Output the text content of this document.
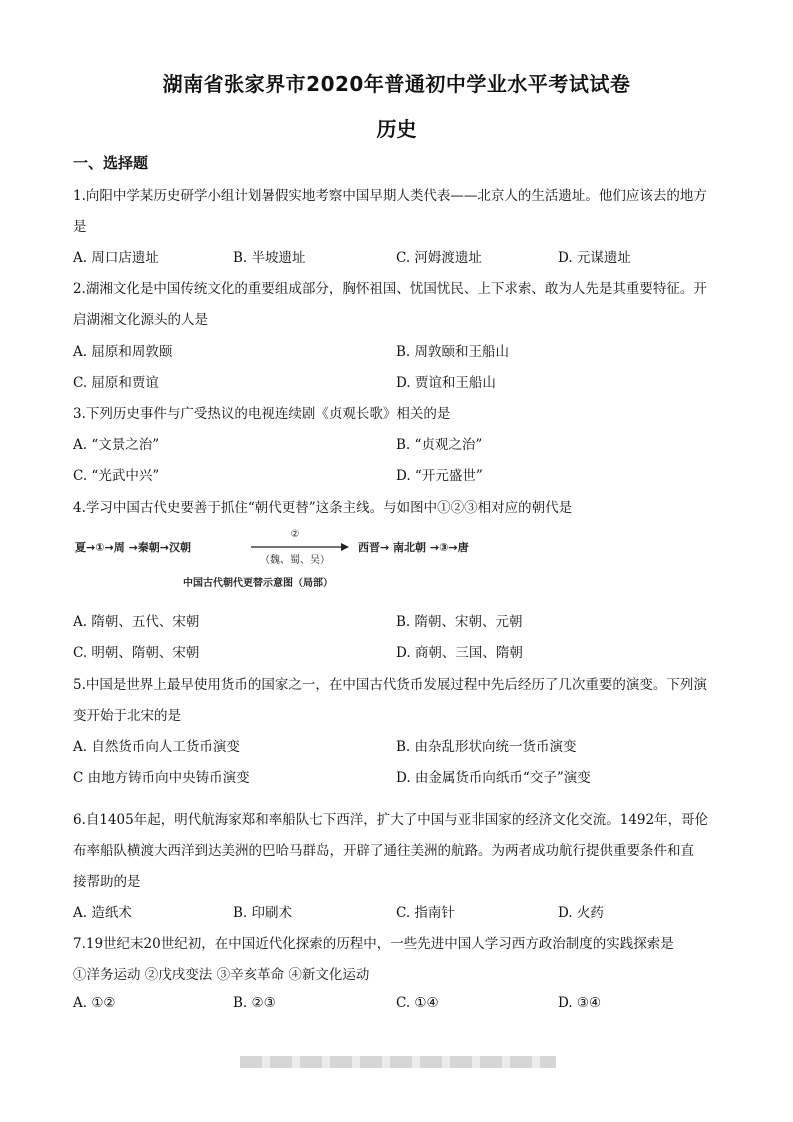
湖南省张家界市2020年普通初中学业水平考试试卷
历史
一、选择题
1.向阳中学某历史研学小组计划暑假实地考察中国早期人类代表——北京人的生活遗址。他们应该去的地方
是
A. 周口店遗址	B. 半坡遗址	C. 河姆渡遗址	D. 元谋遗址
2.湖湘文化是中国传统文化的重要组成部分，胸怀祖国、忧国忧民、上下求索、敢为人先是其重要特征。开
启湖湘文化源头的人是
A. 屈原和周敦颐	B. 周敦颐和王船山
C. 屈原和贾谊	D. 贾谊和王船山
3.下列历史事件与广受热议的电视连续剧《贞观长歌》相关的是
A. “文景之治”	B. “贞观之治”
C. “光武中兴”	D. “开元盛世”
4.学习中国古代史要善于抓住“朝代更替”这条主线。与如图中①②③相对应的朝代是
夏→①→周 →秦朝→汉朝
②
（魏、蜀、吴）
西晋→ 南北朝 →③→唐
中国古代朝代更替示意图（局部）
A. 隋朝、五代、宋朝	B. 隋朝、宋朝、元朝
C. 明朝、隋朝、宋朝	D. 商朝、三国、隋朝
5.中国是世界上最早使用货币的国家之一，在中国古代货币发展过程中先后经历了几次重要的演变。下列演
变开始于北宋的是
A. 自然货币向人工货币演变	B. 由杂乱形状向统一货币演变
C 由地方铸币向中央铸币演变	D. 由金属货币向纸币“交子”演变
6.自1405年起，明代航海家郑和率船队七下西洋，扩大了中国与亚非国家的经济文化交流。1492年，哥伦
布率船队横渡大西洋到达美洲的巴哈马群岛，开辟了通往美洲的航路。为两者成功航行提供重要条件和直
接帮助的是
A. 造纸术	B. 印刷术	C. 指南针	D. 火药
7.19世纪末20世纪初，在中国近代化探索的历程中，一些先进中国人学习西方政治制度的实践探索是
①洋务运动 ②戊戌变法 ③辛亥革命 ④新文化运动
A. ①②	B. ②③	C. ①④	D. ③④
